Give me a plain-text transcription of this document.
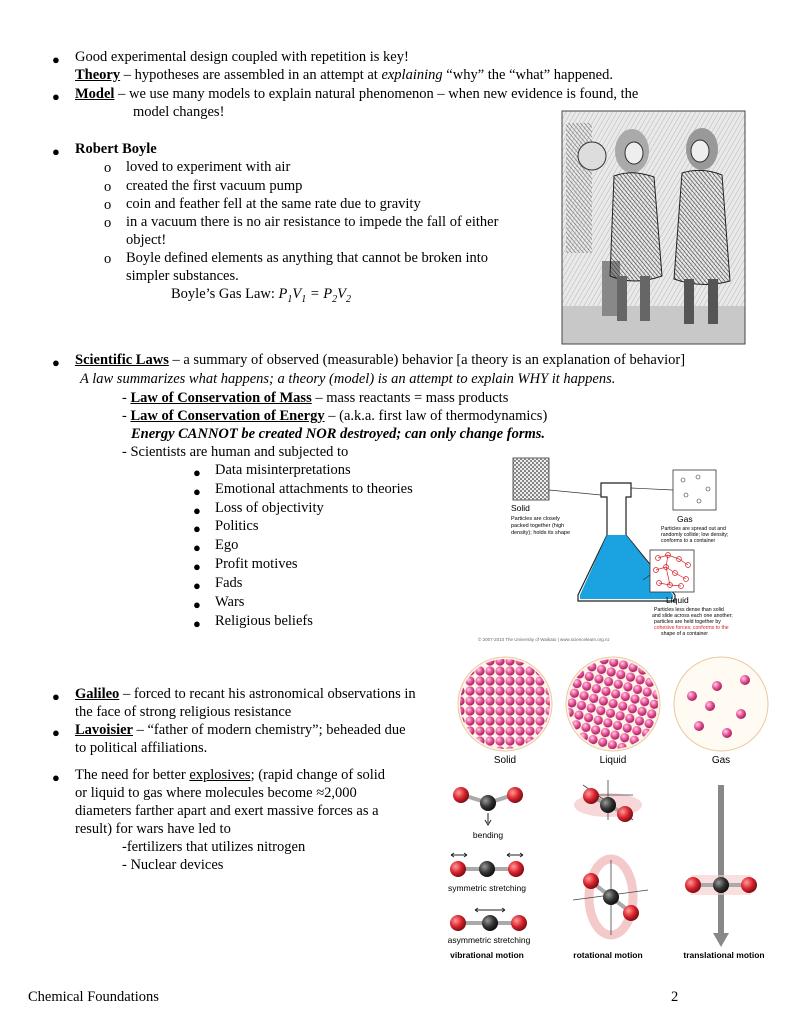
● Good experimental design coupled with repetition is key!
Theory – hypotheses are assembled in an attempt at explaining “why” the “what” happened.
● Model – we use many models to explain natural phenomenon – when new evidence is found, the
model changes!
● Robert Boyle
o loved to experiment with air
o created the first vacuum pump
o coin and feather fell at the same rate due to gravity
o in a vacuum there is no air resistance to impede the fall of either
object!
o Boyle defined elements as anything that cannot be broken into
simpler substances.
Boyle’s Gas Law: $P_1V_1 = P_2V_2$
● Scientific Laws – a summary of observed (measurable) behavior [a theory is an explanation of behavior]
A law summarizes what happens; a theory (model) is an attempt to explain WHY it happens.
- Law of Conservation of Mass – mass reactants = mass products
- Law of Conservation of Energy – (a.k.a. first law of thermodynamics)
Energy CANNOT be created NOR destroyed; can only change forms.
- Scientists are human and subjected to
● Data misinterpretations
● Emotional attachments to theories
● Loss of objectivity
● Politics
● Ego
● Profit motives
● Fads
● Wars
● Religious beliefs
Solid
Particles are closely
packed together (high
density); holds its shape
Gas
Particles are spread out and
randomly collide; low density;
conforms to a container
Liquid
Particles less dense than solid
and slide across each one another;
particles are held together by
cohesive forces; conforms to the
shape of a container
© 2007-2010 The University of Waikato | www.sciencelearn.org.nz
● Galileo – forced to recant his astronomical observations in
the face of strong religious resistance
● Lavoisier – “father of modern chemistry”; beheaded due
to political affiliations.
● The need for better explosives; (rapid change of solid
or liquid to gas where molecules become ≈2,000
diameters farther apart and exert massive forces as a
result) for wars have led to
-fertilizers that utilizes nitrogen
- Nuclear devices
Solid	Liquid	Gas
bending
symmetric stretching
asymmetric stretching
vibrational motion	rotational motion	translational motion
Chemical Foundations	2
